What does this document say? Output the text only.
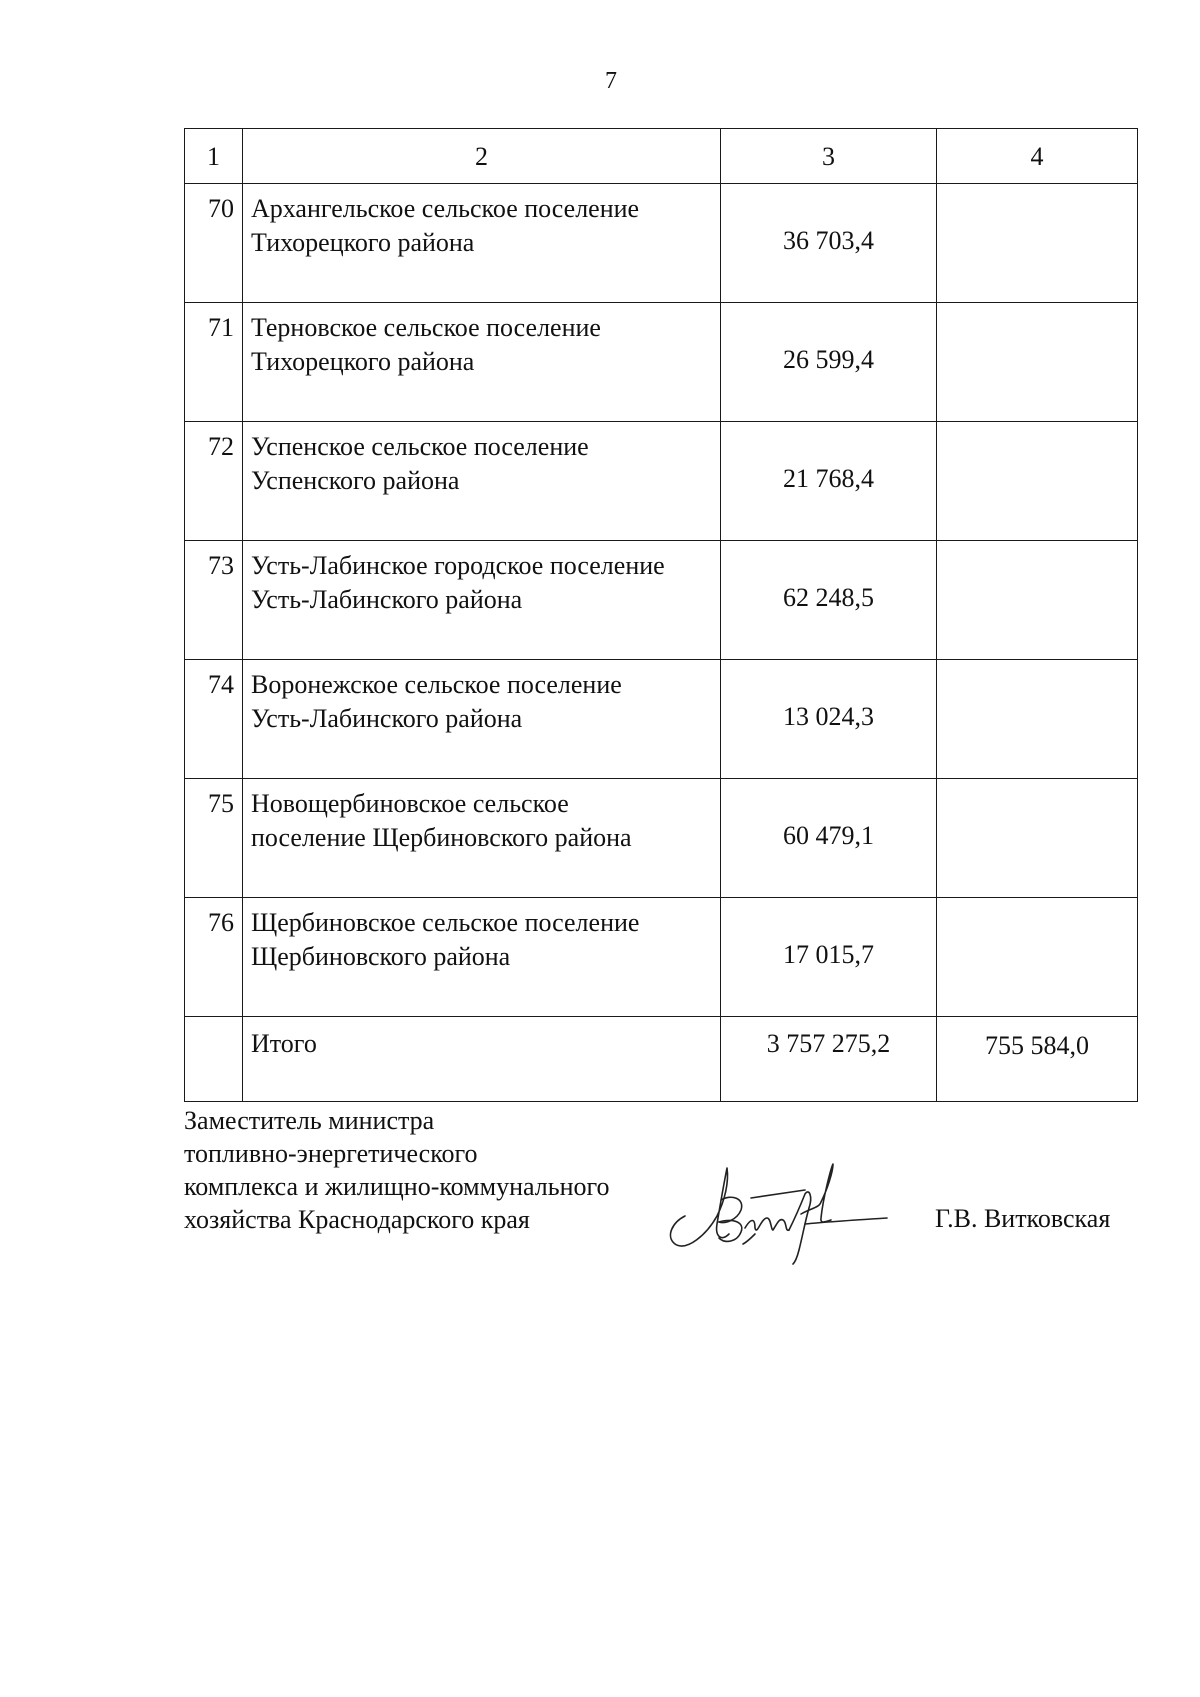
7
1	2	3	4
70	Архангельское сельское поселение
Тихорецкого района	36 703,4	
71	Терновское сельское поселение
Тихорецкого района	26 599,4	
72	Успенское сельское поселение
Успенского района	21 768,4	
73	Усть-Лабинское городское поселение
Усть-Лабинского района	62 248,5	
74	Воронежское сельское поселение
Усть-Лабинского района	13 024,3	
75	Новощербиновское сельское
поселение Щербиновского района	60 479,1	
76	Щербиновское сельское поселение
Щербиновского района	17 015,7	
	Итого	3 757 275,2	755 584,0
Заместитель министра
топливно-энергетического
комплекса и жилищно-коммунального
хозяйства Краснодарского края	Г.В. Витковская
